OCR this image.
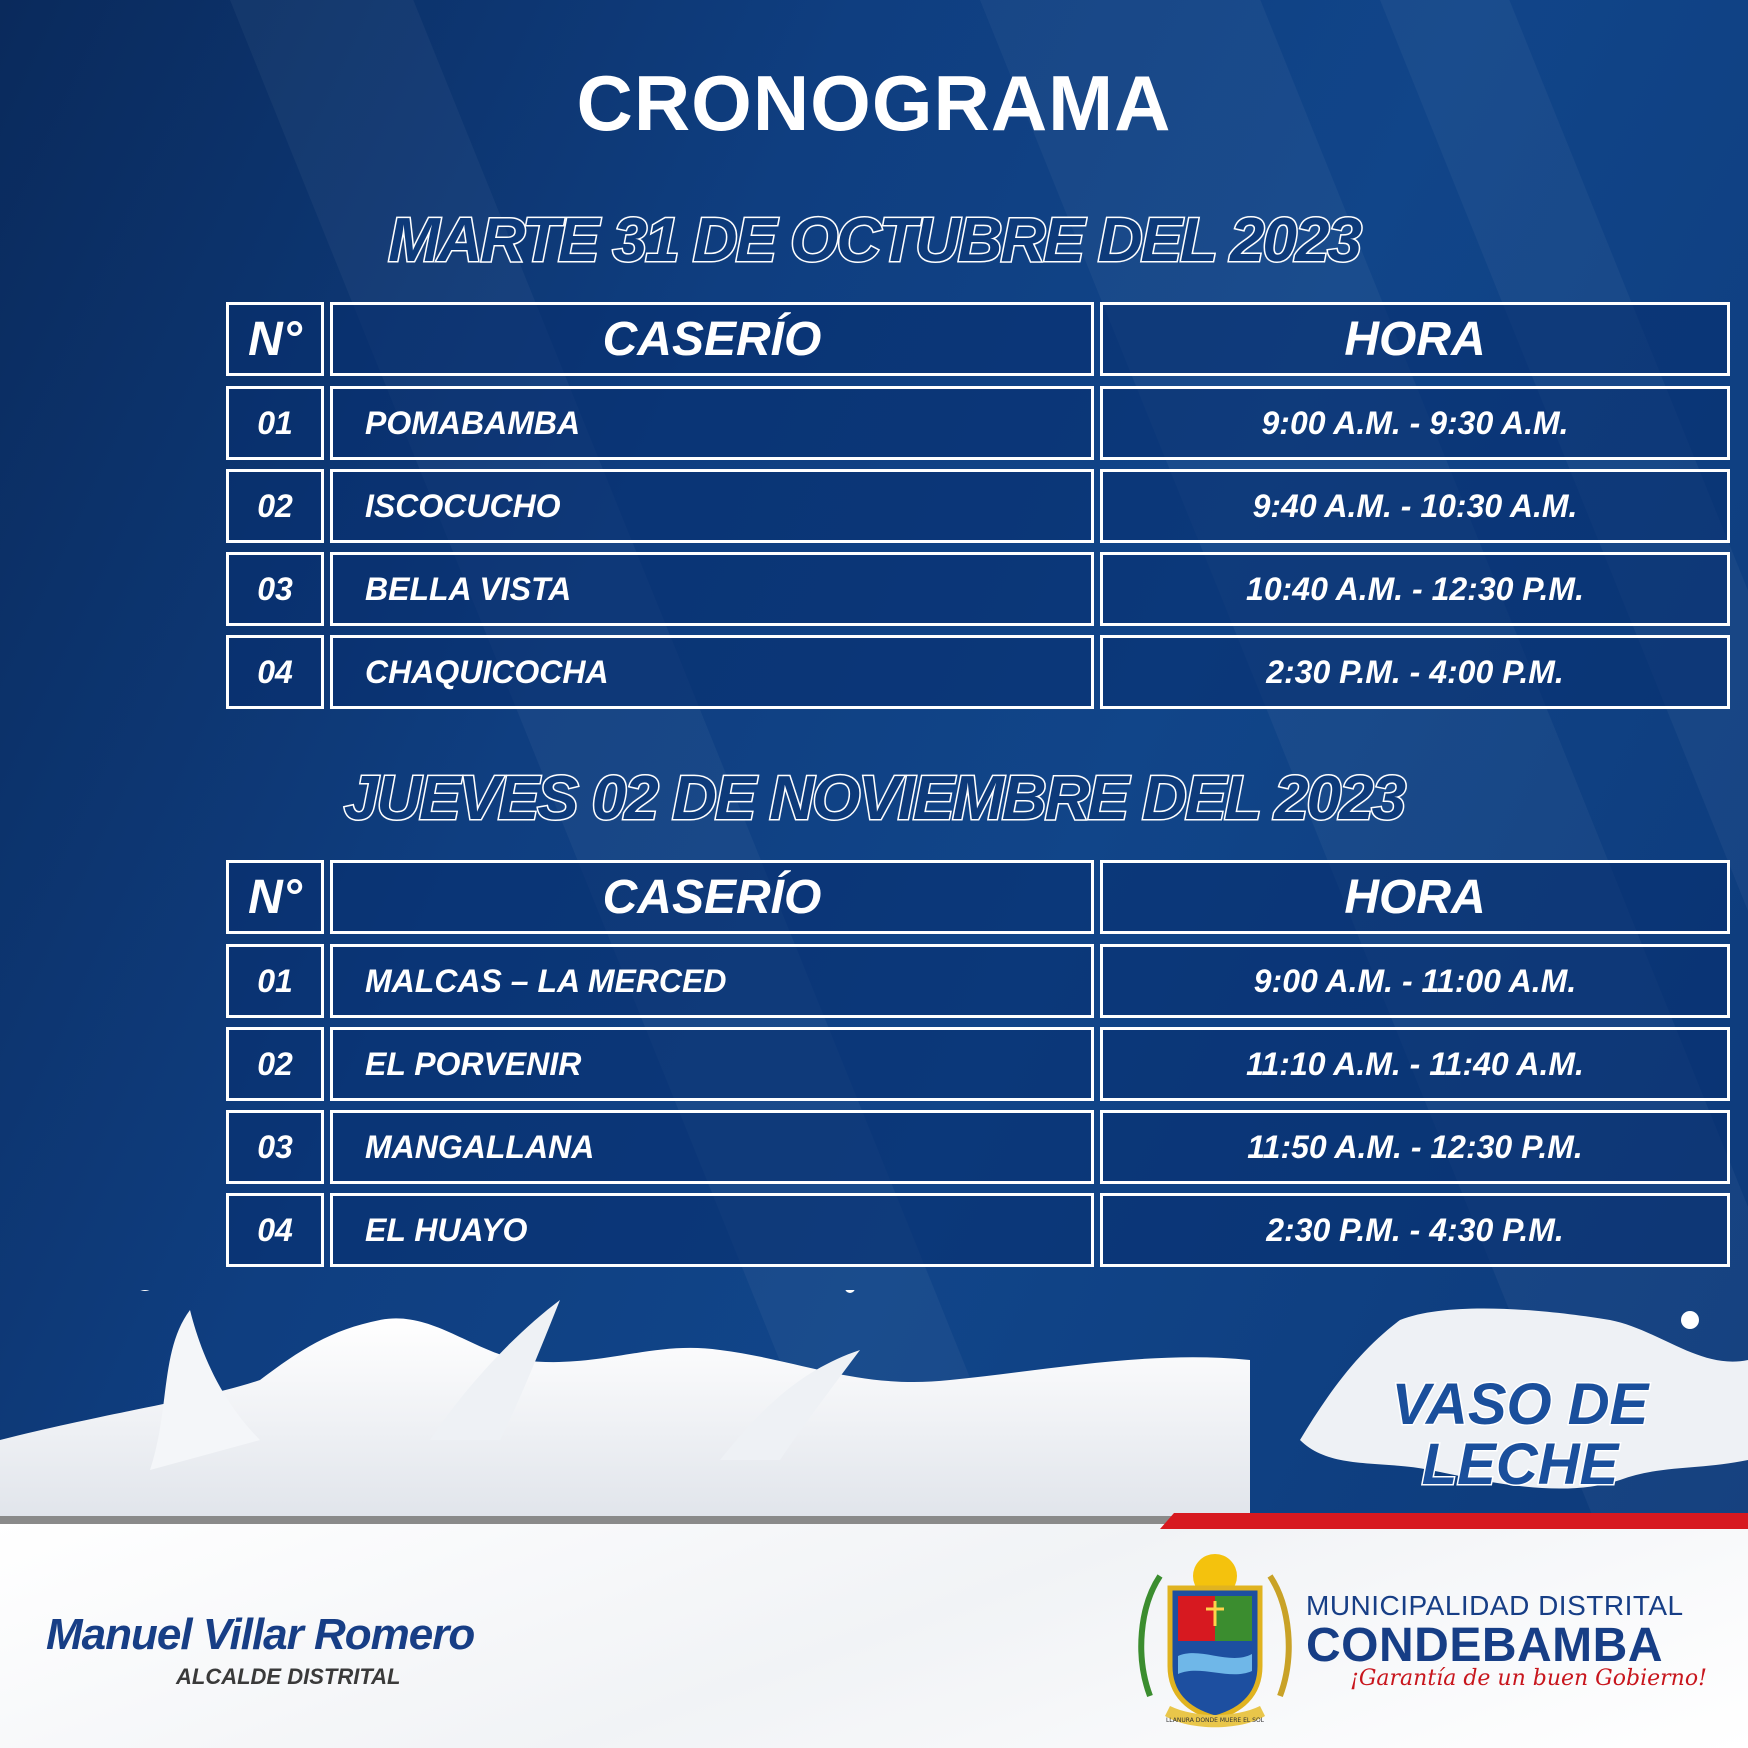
CRONOGRAMA
MARTE 31 DE OCTUBRE DEL 2023
N°	CASERÍO	HORA
01	POMABAMBA	9:00 A.M. - 9:30 A.M.
02	ISCOCUCHO	9:40 A.M. - 10:30 A.M.
03	BELLA VISTA	10:40 A.M. - 12:30 P.M.
04	CHAQUICOCHA	2:30 P.M. - 4:00 P.M.
JUEVES 02 DE NOVIEMBRE DEL 2023
N°	CASERÍO	HORA
01	MALCAS – LA MERCED	9:00 A.M. - 11:00 A.M.
02	EL PORVENIR	11:10 A.M. - 11:40 A.M.
03	MANGALLANA	11:50 A.M. - 12:30 P.M.
04	EL HUAYO	2:30 P.M. - 4:30 P.M.
VASO DE
LECHE
Manuel Villar Romero
ALCALDE DISTRITAL
LLANURA DONDE MUERE EL SOL
MUNICIPALIDAD DISTRITAL
CONDEBAMBA
¡Garantía de un buen Gobierno!
